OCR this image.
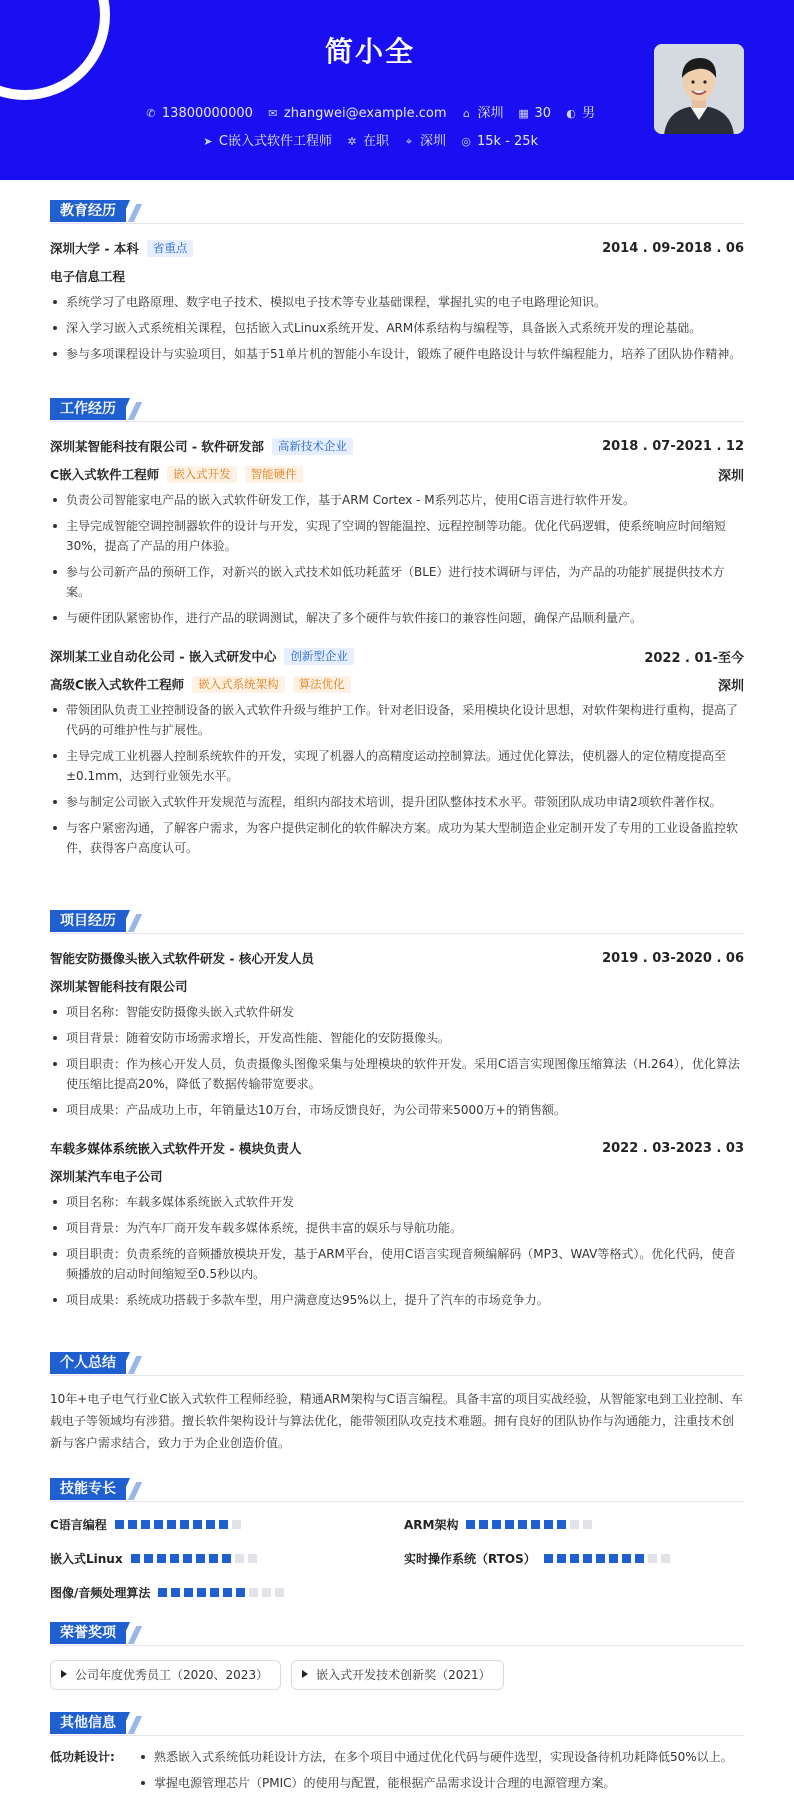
简小全
✆ 13800000000 ✉ zhangwei@example.com ⌂ 深圳 ▦ 30 ◐ 男
➤ C嵌入式软件工程师 ✲ 在职 ⌖ 深圳 ◎ 15k - 25k
教育经历
深圳大学 - 本科	省重点	2014 . 09-2018 . 06
电子信息工程
系统学习了电路原理、数字电子技术、模拟电子技术等专业基础课程，掌握扎实的电子电路理论知识。
深入学习嵌入式系统相关课程，包括嵌入式Linux系统开发、ARM体系结构与编程等，具备嵌入式系统开发的理论基础。
参与多项课程设计与实验项目，如基于51单片机的智能小车设计，锻炼了硬件电路设计与软件编程能力，培养了团队协作精神。
工作经历
深圳某智能科技有限公司 - 软件研发部	高新技术企业	2018 . 07-2021 . 12
C嵌入式软件工程师	嵌入式开发	智能硬件	深圳
负责公司智能家电产品的嵌入式软件研发工作，基于ARM Cortex - M系列芯片，使用C语言进行软件开发。
主导完成智能空调控制器软件的设计与开发，实现了空调的智能温控、远程控制等功能。优化代码逻辑，使系统响应时间缩短30%，提高了产品的用户体验。
参与公司新产品的预研工作，对新兴的嵌入式技术如低功耗蓝牙（BLE）进行技术调研与评估，为产品的功能扩展提供技术方案。
与硬件团队紧密协作，进行产品的联调测试，解决了多个硬件与软件接口的兼容性问题，确保产品顺利量产。
深圳某工业自动化公司 - 嵌入式研发中心	创新型企业	2022 . 01-至今
高级C嵌入式软件工程师	嵌入式系统架构	算法优化	深圳
带领团队负责工业控制设备的嵌入式软件升级与维护工作。针对老旧设备，采用模块化设计思想，对软件架构进行重构，提高了代码的可维护性与扩展性。
主导完成工业机器人控制系统软件的开发，实现了机器人的高精度运动控制算法。通过优化算法，使机器人的定位精度提高至±0.1mm，达到行业领先水平。
参与制定公司嵌入式软件开发规范与流程，组织内部技术培训，提升团队整体技术水平。带领团队成功申请2项软件著作权。
与客户紧密沟通，了解客户需求，为客户提供定制化的软件解决方案。成功为某大型制造企业定制开发了专用的工业设备监控软件，获得客户高度认可。
项目经历
智能安防摄像头嵌入式软件研发 - 核心开发人员	2019 . 03-2020 . 06
深圳某智能科技有限公司
项目名称：智能安防摄像头嵌入式软件研发
项目背景：随着安防市场需求增长，开发高性能、智能化的安防摄像头。
项目职责：作为核心开发人员，负责摄像头图像采集与处理模块的软件开发。采用C语言实现图像压缩算法（H.264），优化算法使压缩比提高20%，降低了数据传输带宽要求。
项目成果：产品成功上市，年销量达10万台，市场反馈良好，为公司带来5000万+的销售额。
车载多媒体系统嵌入式软件开发 - 模块负责人	2022 . 03-2023 . 03
深圳某汽车电子公司
项目名称：车载多媒体系统嵌入式软件开发
项目背景：为汽车厂商开发车载多媒体系统，提供丰富的娱乐与导航功能。
项目职责：负责系统的音频播放模块开发，基于ARM平台，使用C语言实现音频编解码（MP3、WAV等格式）。优化代码，使音频播放的启动时间缩短至0.5秒以内。
项目成果：系统成功搭载于多款车型，用户满意度达95%以上，提升了汽车的市场竞争力。
个人总结
10年+电子电气行业C嵌入式软件工程师经验，精通ARM架构与C语言编程。具备丰富的项目实战经验，从智能家电到工业控制、车载电子等领域均有涉猎。擅长软件架构设计与算法优化，能带领团队攻克技术难题。拥有良好的团队协作与沟通能力，注重技术创新与客户需求结合，致力于为企业创造价值。
技能专长
C语言编程	ARM架构
嵌入式Linux	实时操作系统（RTOS）
图像/音频处理算法
荣誉奖项
公司年度优秀员工（2020、2023）	嵌入式开发技术创新奖（2021）
其他信息
低功耗设计:	熟悉嵌入式系统低功耗设计方法，在多个项目中通过优化代码与硬件选型，实现设备待机功耗降低50%以上。
掌握电源管理芯片（PMIC）的使用与配置，能根据产品需求设计合理的电源管理方案。
